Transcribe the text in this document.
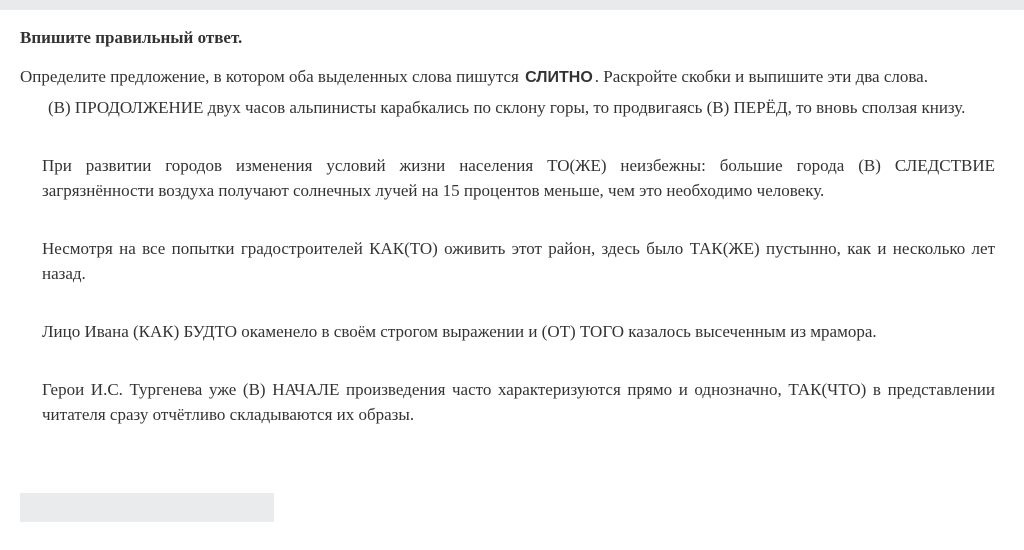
Впишите правильный ответ.
Определите предложение, в котором оба выделенных слова пишутся СЛИТНО . Раскройте скобки и выпишите эти два слова.

(В) ПРОДОЛЖЕНИЕ двух часов альпинисты карабкались по склону горы, то продвигаясь (В) ПЕРЁД, то вновь сползая книзу.

При развитии городов изменения условий жизни населения ТО(ЖЕ) неизбежны: большие города (В) СЛЕДСТВИЕ загрязнённости воздуха получают солнечных лучей на 15 процентов меньше, чем это необходимо человеку.

Несмотря на все попытки градостроителей КАК(ТО) оживить этот район, здесь было ТАК(ЖЕ) пустынно, как и несколько лет назад.

Лицо Ивана (КАК) БУДТО окаменело в своём строгом выражении и (ОТ) ТОГО казалось высеченным из мрамора.

Герои И.С. Тургенева уже (В) НАЧАЛЕ произведения часто характеризуются прямо и однозначно, ТАК(ЧТО) в представлении читателя сразу отчётливо складываются их образы.
